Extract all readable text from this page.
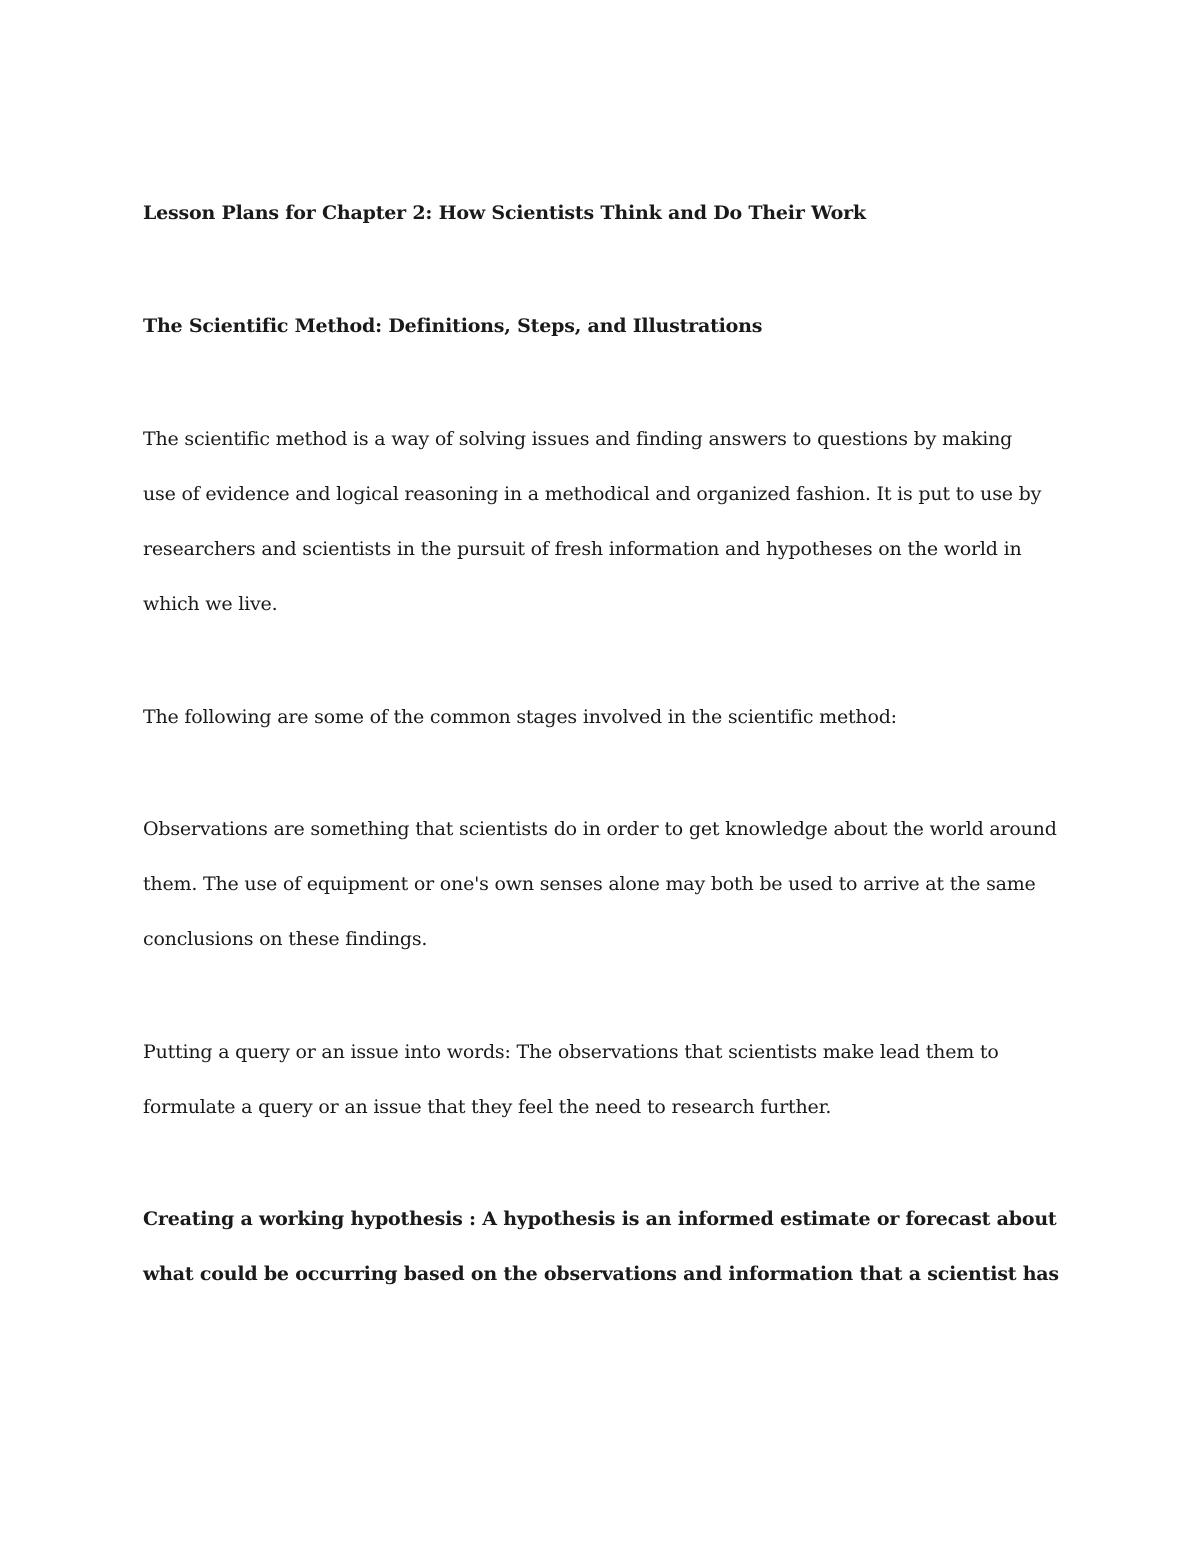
Lesson Plans for Chapter 2: How Scientists Think and Do Their Work
The Scientific Method: Definitions, Steps, and Illustrations
The scientific method is a way of solving issues and finding answers to questions by making
use of evidence and logical reasoning in a methodical and organized fashion. It is put to use by
researchers and scientists in the pursuit of fresh information and hypotheses on the world in
which we live.
The following are some of the common stages involved in the scientific method:
Observations are something that scientists do in order to get knowledge about the world around
them. The use of equipment or one's own senses alone may both be used to arrive at the same
conclusions on these findings.
Putting a query or an issue into words: The observations that scientists make lead them to
formulate a query or an issue that they feel the need to research further.
Creating a working hypothesis : A hypothesis is an informed estimate or forecast about
what could be occurring based on the observations and information that a scientist has
